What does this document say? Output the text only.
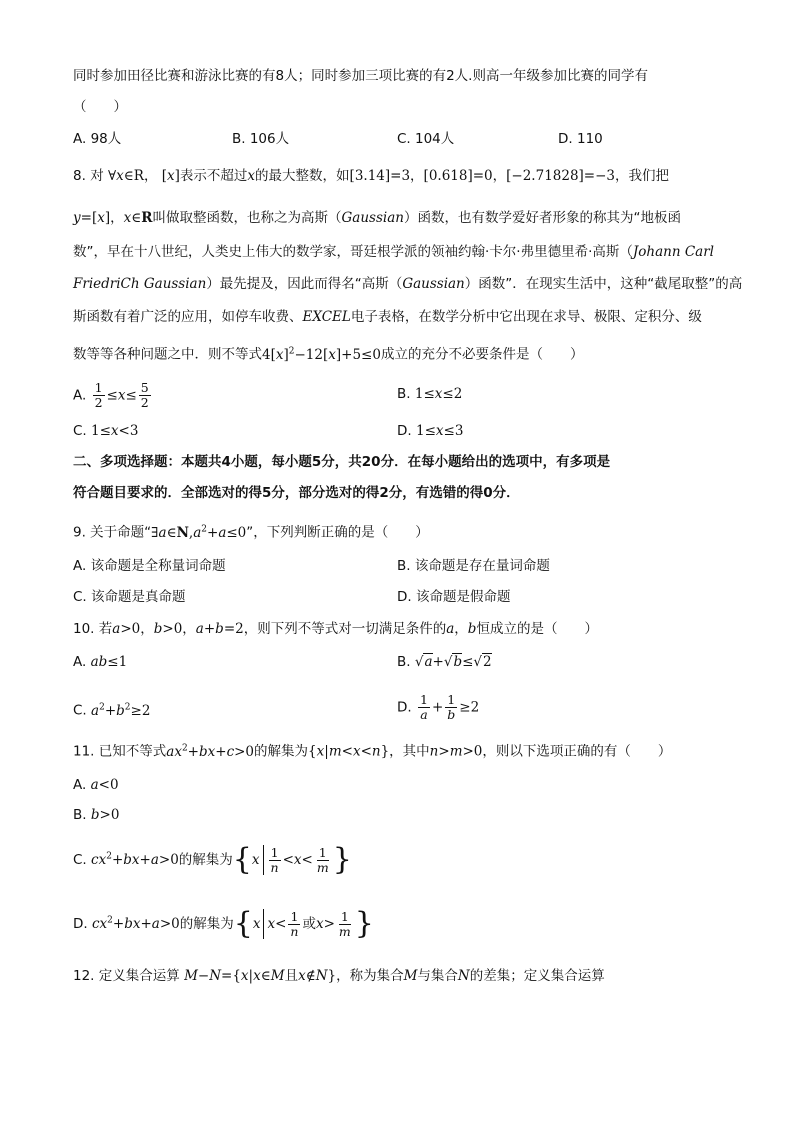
同时参加田径比赛和游泳比赛的有8人；同时参加三项比赛的有2人.则高一年级参加比赛的同学有
（　　）
A. 98人	B. 106人	C. 104人	D. 110
8. 对 ∀x∈R， [x]表示不超过x的最大整数，如[3.14]=3，[0.618]=0，[−2.71828]=−3，我们把
y=[x]，x∈R叫做取整函数，也称之为高斯（Gaussian）函数，也有数学爱好者形象的称其为“地板函
数”，早在十八世纪，人类史上伟大的数学家，哥廷根学派的领袖约翰·卡尔·弗里德里希·高斯（Johann Carl
FriedriCh Gaussian）最先提及，因此而得名“高斯（Gaussian）函数”．在现实生活中，这种“截尾取整”的高
斯函数有着广泛的应用，如停车收费、EXCEL电子表格，在数学分析中它出现在求导、极限、定积分、级
数等等各种问题之中．则不等式$4[x]^2-12[x]+5\le 0$成立的充分不必要条件是（　　）
A. $\frac{1}{2} \le x\le \frac{5}{2}$	B. 1≤x≤2
C. 1≤x<3	D. 1≤x≤3
二、多项选择题：本题共4小题，每小题5分，共20分．在每小题给出的选项中，有多项是
符合题目要求的．全部选对的得5分，部分选对的得2分，有选错的得0分．
9. 关于命题“$\exists a\in N,a^2+a\le 0$”，下列判断正确的是（　　）
A. 该命题是全称量词命题	B. 该命题是存在量词命题
C. 该命题是真命题	D. 该命题是假命题
10. 若a>0，b>0，a+b=2，则下列不等式对一切满足条件的a，b恒成立的是（　　）
A. ab≤1	B. √a+√b≤√2
C. $a^2+b^2\ge 2$	D. $\frac{1}{a} + \frac{1}{b} \ge 2$
11. 已知不等式$ax^2+bx+c>0$的解集为{x|m<x<n}，其中n>m>0，则以下选项正确的有（　　）
A. a<0
B. b>0
C. $cx^2+bx+a>0$的解集为{$x \frac{1}{n} <x< \frac{1}{m}$ }
D. $cx^2+bx+a>0$的解集为{x $x< \frac{1}{n}$ 或$x> \frac{1}{m}$ }
12. 定义集合运算 M−N={x|x∈M且x∉N}，称为集合M与集合N的差集；定义集合运算
